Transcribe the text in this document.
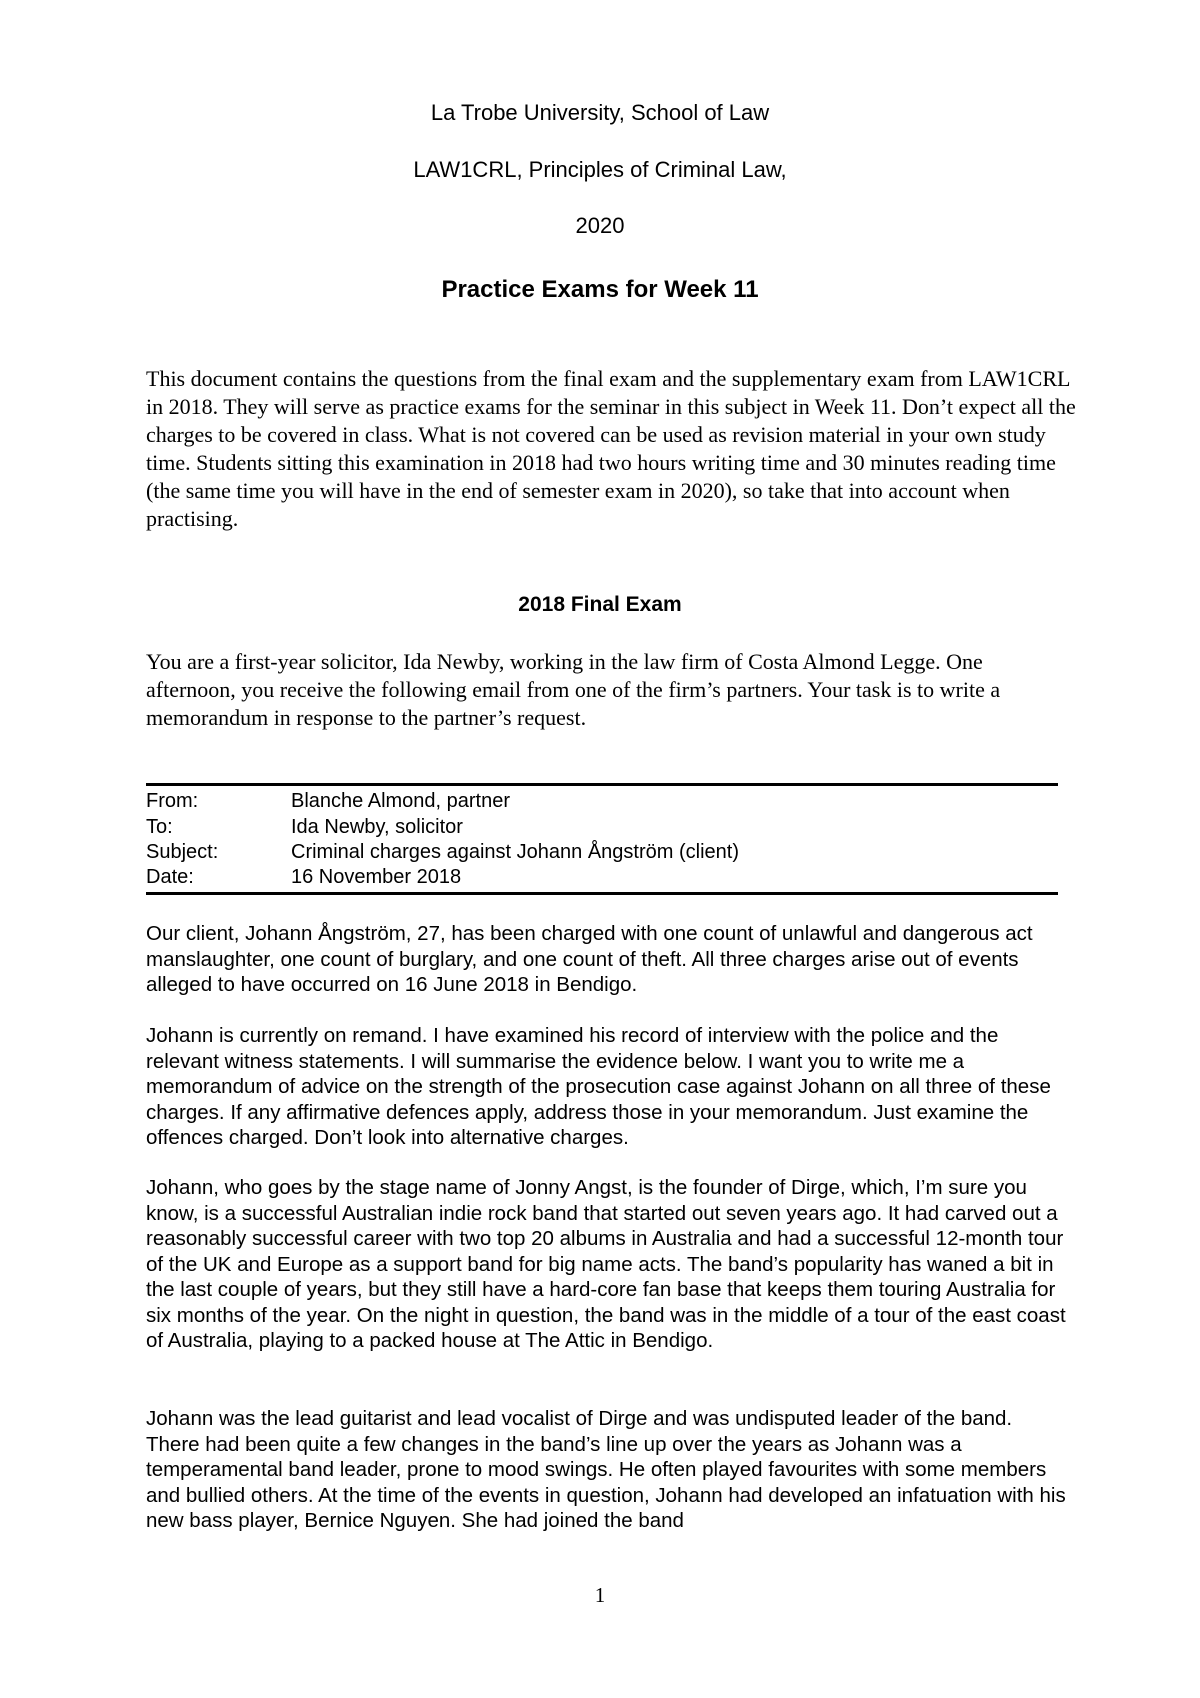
La Trobe University, School of Law
LAW1CRL, Principles of Criminal Law,
2020
Practice Exams for Week 11
This document contains the questions from the final exam and the supplementary exam from LAW1CRL in 2018. They will serve as practice exams for the seminar in this subject in Week 11. Don’t expect all the charges to be covered in class. What is not covered can be used as revision material in your own study time. Students sitting this examination in 2018 had two hours writing time and 30 minutes reading time (the same time you will have in the end of semester exam in 2020), so take that into account when practising.
2018 Final Exam
You are a first-year solicitor, Ida Newby, working in the law firm of Costa Almond Legge. One afternoon, you receive the following email from one of the firm’s partners. Your task is to write a memorandum in response to the partner’s request.
From:	Blanche Almond, partner
To:	Ida Newby, solicitor
Subject:	Criminal charges against Johann Ångström (client)
Date:	16 November 2018
Our client, Johann Ångström, 27, has been charged with one count of unlawful and dangerous act manslaughter, one count of burglary, and one count of theft. All three charges arise out of events alleged to have occurred on 16 June 2018 in Bendigo.
Johann is currently on remand. I have examined his record of interview with the police and the relevant witness statements. I will summarise the evidence below. I want you to write me a memorandum of advice on the strength of the prosecution case against Johann on all three of these charges. If any affirmative defences apply, address those in your memorandum. Just examine the offences charged. Don’t look into alternative charges.
Johann, who goes by the stage name of Jonny Angst, is the founder of Dirge, which, I’m sure you know, is a successful Australian indie rock band that started out seven years ago. It had carved out a reasonably successful career with two top 20 albums in Australia and had a successful 12-month tour of the UK and Europe as a support band for big name acts. The band’s popularity has waned a bit in the last couple of years, but they still have a hard-core fan base that keeps them touring Australia for six months of the year. On the night in question, the band was in the middle of a tour of the east coast of Australia, playing to a packed house at The Attic in Bendigo.
Johann was the lead guitarist and lead vocalist of Dirge and was undisputed leader of the band. There had been quite a few changes in the band’s line up over the years as Johann was a temperamental band leader, prone to mood swings. He often played favourites with some members and bullied others. At the time of the events in question, Johann had developed an infatuation with his new bass player, Bernice Nguyen. She had joined the band
1
